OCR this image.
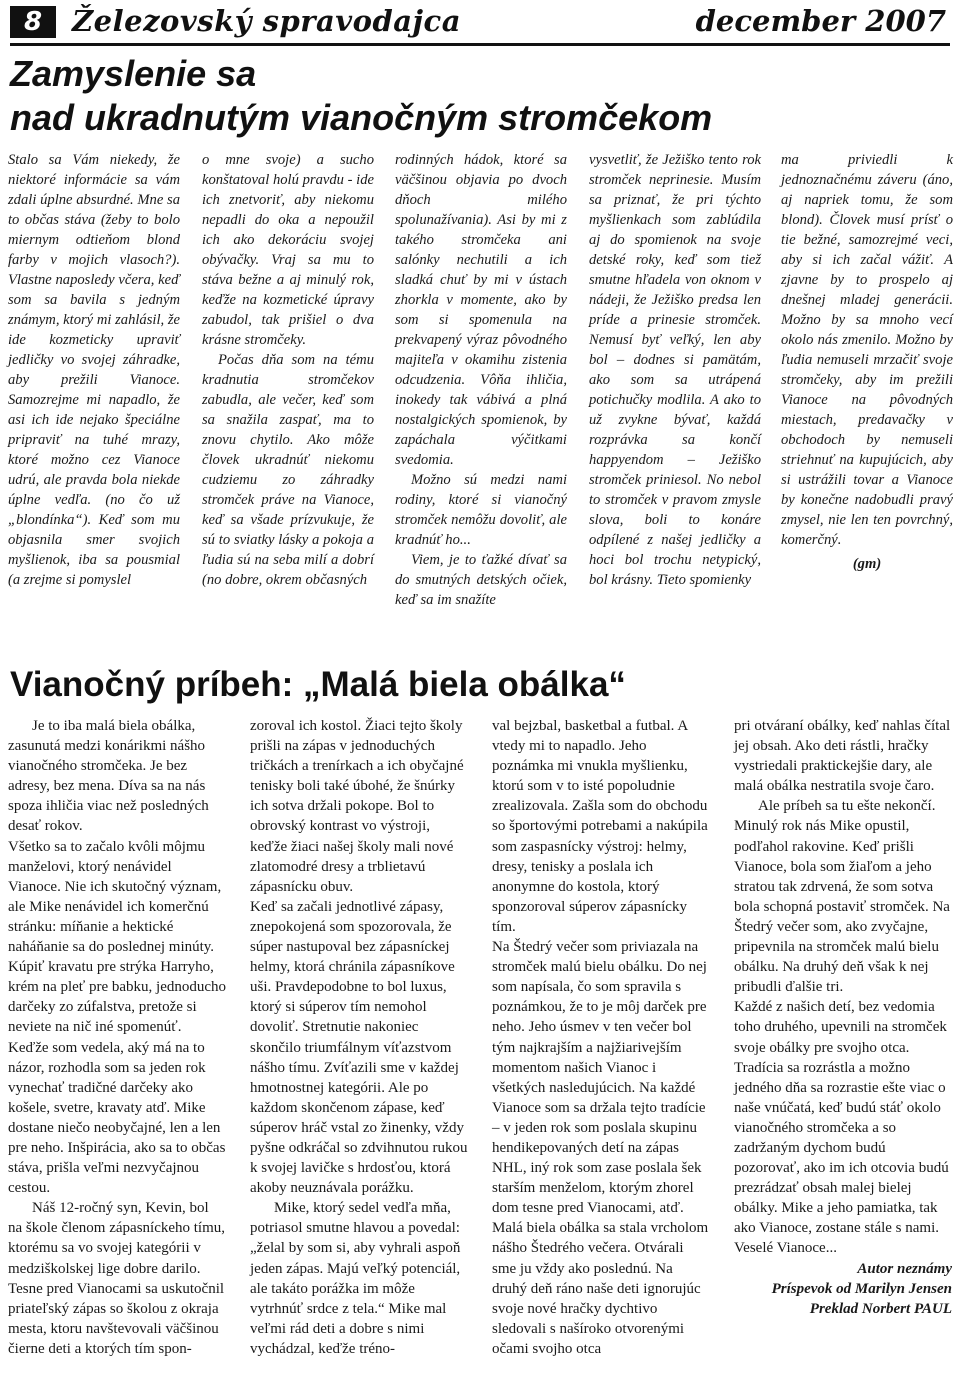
8	Železovský spravodajca	december 2007
Zamyslenie sa
nad ukradnutým vianočným stromčekom

Stalo sa Vám niekedy, že niektoré informácie sa vám zdali úplne absurdné. Mne sa to občas stáva (žeby to bolo miernym odtieňom blond farby v mojich vlasoch?). Vlastne naposledy včera, keď som sa bavila s jedným známym, ktorý mi zahlásil, že ide kozmeticky upraviť jedličky vo svojej záhradke, aby prežili Vianoce. Samozrejme mi napadlo, že asi ich ide nejako špeciálne pripraviť na tuhé mrazy, ktoré možno cez Vianoce udrú, ale pravda bola niekde úplne vedľa. (no čo už „blondínka“). Keď som mu objasnila smer svojich myšlienok, iba sa pousmial (a zrejme si pomyslel

o mne svoje) a sucho konštatoval holú pravdu - ide ich znetvoriť, aby niekomu nepadli do oka a nepoužil ich ako dekoráciu svojej obývačky. Vraj sa mu to stáva bežne a aj minulý rok, keďže na kozmetické úpravy zabudol, tak prišiel o dva krásne stromčeky.

Počas dňa som na tému kradnutia stromčekov zabudla, ale večer, keď som sa snažila zaspať, ma to znovu chytilo. Ako môže človek ukradnúť niekomu cudziemu zo záhradky stromček práve na Vianoce, keď sa všade prízvukuje, že sú to sviatky lásky a pokoja a ľudia sú na seba milí a dobrí (no dobre, okrem občasných

rodinných hádok, ktoré sa väčšinou objavia po dvoch dňoch milého spolunažívania). Asi by mi z takého stromčeka ani salónky nechutili a ich sladká chuť by mi v ústach zhorkla v momente, ako by som si spomenula na prekvapený výraz pôvodného majiteľa v okamihu zistenia odcudzenia. Vôňa ihličia, inokedy tak vábivá a plná nostalgických spomienok, by zapáchala výčitkami svedomia.

Možno sú medzi nami rodiny, ktoré si vianočný stromček nemôžu dovoliť, ale kradnúť ho...

Viem, je to ťažké dívať sa do smutných detských očiek, keď sa im snažíte

vysvetliť, že Ježiško tento rok stromček neprinesie. Musím sa priznať, že pri týchto myšlienkach som zablúdila aj do spomienok na svoje detské roky, keď som tiež smutne hľadela von oknom v nádeji, že Ježiško predsa len príde a prinesie stromček. Nemusí byť veľký, len aby bol – dodnes si pamätám, ako som sa utrápená potichučky modlila. A ako to už zvykne bývať, každá rozprávka sa končí happyendom – Ježiško stromček priniesol. No nebol to stromček v pravom zmysle slova, boli to konáre odpílené z našej jedličky a hoci bol trochu netypický, bol krásny. Tieto spomienky

ma priviedli k jednoznačnému záveru (áno, aj napriek tomu, že som blond). Človek musí prísť o tie bežné, samozrejmé veci, aby si ich začal vážiť. A zjavne by to prospelo aj dnešnej mladej generácii. Možno by sa mnoho vecí okolo nás zmenilo. Možno by ľudia nemuseli mrzačiť svoje stromčeky, aby im prežili Vianoce na pôvodných miestach, predavačky v obchodoch by nemuseli striehnuť na kupujúcich, aby si ustrážili tovar a Vianoce by konečne nadobudli pravý zmysel, nie len ten povrchný, komerčný.

(gm)

Vianočný príbeh: „Malá biela obálka“

Je to iba malá biela obálka, zasunutá medzi konárikmi nášho vianočného stromčeka. Je bez adresy, bez mena. Díva sa na nás spoza ihličia viac než posledných desať rokov.

Všetko sa to začalo kvôli môjmu manželovi, ktorý nenávidel Vianoce. Nie ich skutočný význam, ale Mike nenávidel ich komerčnú stránku: míňanie a hektické naháňanie sa do poslednej minúty. Kúpiť kravatu pre strýka Harryho, krém na pleť pre babku, jednoducho darčeky zo zúfalstva, pretože si neviete na nič iné spomenúť.

Keďže som vedela, aký má na to názor, rozhodla som sa jeden rok vynechať tradičné darčeky ako košele, svetre, kravaty atď. Mike dostane niečo neobyčajné, len a len pre neho. Inšpirácia, ako sa to občas stáva, prišla veľmi nezvyčajnou cestou.

Náš 12-ročný syn, Kevin, bol na škole členom zápasníckeho tímu, ktorému sa vo svojej kategórii v medziškolskej lige dobre darilo. Tesne pred Vianocami sa uskutočnil priateľský zápas so školou z okraja mesta, ktoru navštevovali väčšinou čierne deti a ktorých tím spon-

zoroval ich kostol. Žiaci tejto školy prišli na zápas v jednoduchých tričkách a trenírkach a ich obyčajné tenisky boli také úbohé, že šnúrky ich sotva držali pokope. Bol to obrovský kontrast vo výstroji, keďže žiaci našej školy mali nové zlatomodré dresy a trblietavú zápasnícku obuv.

Keď sa začali jednotlivé zápasy, znepokojená som spozorovala, že súper nastupoval bez zápasníckej helmy, ktorá chránila zápasníkove uši. Pravdepodobne to bol luxus, ktorý si súperov tím nemohol dovoliť. Stretnutie nakoniec skončilo triumfálnym víťazstvom nášho tímu. Zvíťazili sme v každej hmotnostnej kategórii. Ale po každom skončenom zápase, keď súperov hráč vstal zo žinenky, vždy pyšne odkráčal so zdvihnutou rukou k svojej lavičke s hrdosťou, ktorá akoby neuznávala porážku.

Mike, ktorý sedel vedľa mňa, potriasol smutne hlavou a povedal: „želal by som si, aby vyhrali aspoň jeden zápas. Majú veľký potenciál, ale takáto porážka im môže vytrhnúť srdce z tela.“ Mike mal veľmi rád deti a dobre s nimi vychádzal, keďže tréno-

val bejzbal, basketbal a futbal. A vtedy mi to napadlo. Jeho poznámka mi vnukla myšlienku, ktorú som v to isté popoludnie zrealizovala. Zašla som do obchodu so športovými potrebami a nakúpila som zaspasnícky výstroj: helmy, dresy, tenisky a poslala ich anonymne do kostola, ktorý sponzoroval súperov zápasnícky tím.

Na Štedrý večer som priviazala na stromček malú bielu obálku. Do nej som napísala, čo som spravila s poznámkou, že to je môj darček pre neho. Jeho úsmev v ten večer bol tým najkrajším a najžiarivejším momentom našich Vianoc i všetkých nasledujúcich. Na každé Vianoce som sa držala tejto tradície – v jeden rok som poslala skupinu hendikepovaných detí na zápas NHL, iný rok som zase poslala šek starším menželom, ktorým zhorel dom tesne pred Vianocami, atď. Malá biela obálka sa stala vrcholom nášho Štedrého večera. Otvárali sme ju vždy ako poslednú. Na druhý deň ráno naše deti ignorujúc svoje nové hračky dychtivo sledovali s našíroko otvorenými očami svojho otca

pri otváraní obálky, keď nahlas čítal jej obsah. Ako deti rástli, hračky vystriedali praktickejšie dary, ale malá obálka nestratila svoje čaro.

Ale príbeh sa tu ešte nekončí. Minulý rok nás Mike opustil, podľahol rakovine. Keď prišli Vianoce, bola som žiaľom a jeho stratou tak zdrvená, že som sotva bola schopná postaviť stromček. Na Štedrý večer som, ako zvyčajne, pripevnila na stromček malú bielu obálku. Na druhý deň však k nej pribudli ďalšie tri.

Každé z našich detí, bez vedomia toho druhého, upevnili na stromček svoje obálky pre svojho otca. Tradícia sa rozrástla a možno jedného dňa sa rozrastie ešte viac o naše vnúčatá, keď budú stáť okolo vianočného stromčeka a so zadržaným dychom budú pozorovať, ako im ich otcovia budú prezrádzať obsah malej bielej obálky. Mike a jeho pamiatka, tak ako Vianoce, zostane stále s nami. Veselé Vianoce...

Autor neznámy

Príspevok od Marilyn Jensen

Preklad Norbert PAUL
